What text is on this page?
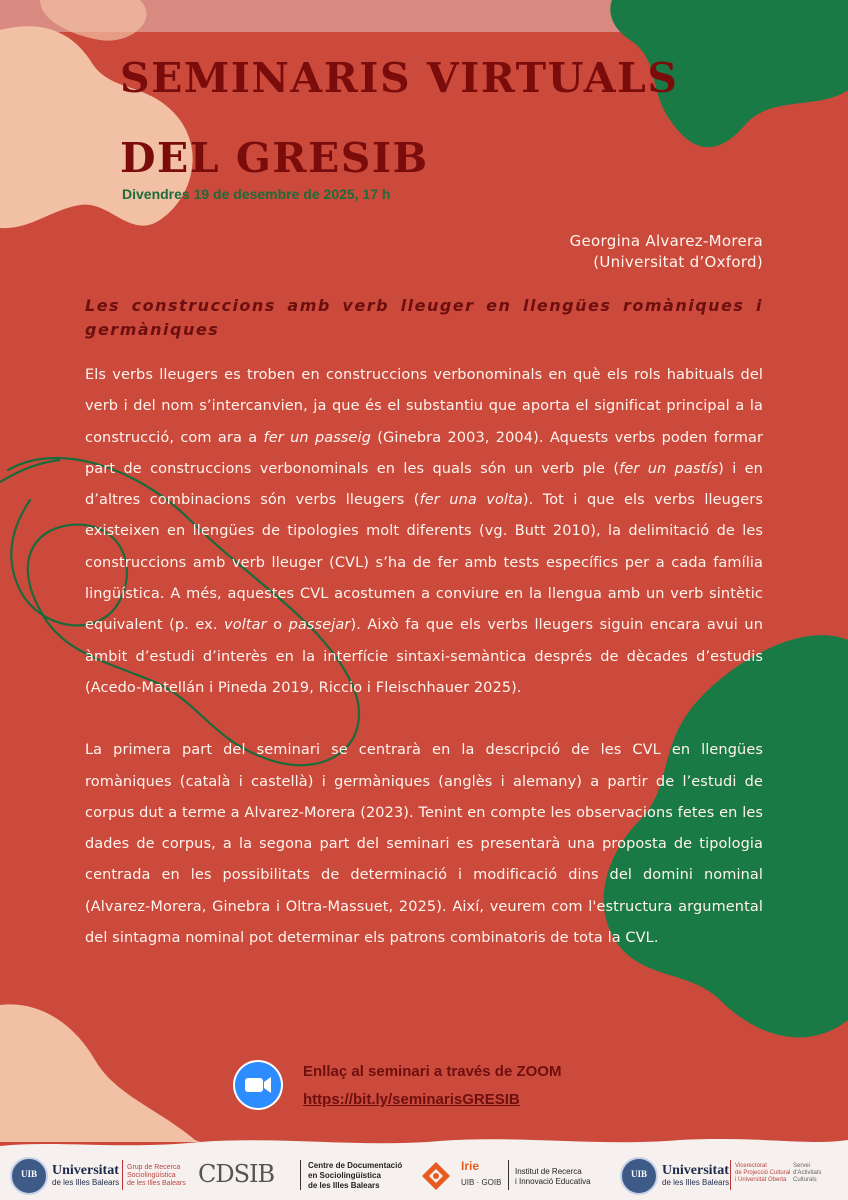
SEMINARIS VIRTUALS
DEL GRESIB
Divendres 19 de desembre de 2025, 17 h
Georgina Alvarez-Morera
(Universitat d’Oxford)
Les construccions amb verb lleuger en llengües romàniques i germàniques

Els verbs lleugers es troben en construccions verbonominals en què els rols habituals del verb i del nom s’intercanvien, ja que és el substantiu que aporta el significat principal a la construcció, com ara a fer un passeig (Ginebra 2003, 2004). Aquests verbs poden formar part de construccions verbonominals en les quals són un verb ple (fer un pastís) i en d’altres combinacions són verbs lleugers (fer una volta). Tot i que els verbs lleugers existeixen en llengües de tipologies molt diferents (vg. Butt 2010), la delimitació de les construccions amb verb lleuger (CVL) s’ha de fer amb tests específics per a cada família lingüística. A més, aquestes CVL acostumen a conviure en la llengua amb un verb sintètic equivalent (p. ex. voltar o passejar). Això fa que els verbs lleugers siguin encara avui un àmbit d’estudi d’interès en la interfície sintaxi-semàntica després de dècades d’estudis (Acedo-Matellán i Pineda 2019, Riccio i Fleischhauer 2025).

La primera part del seminari se centrarà en la descripció de les CVL en llengües romàniques (català i castellà) i germàniques (anglès i alemany) a partir de l’estudi de corpus dut a terme a Alvarez-Morera (2023). Tenint en compte les observacions fetes en les dades de corpus, a la segona part del seminari es presentarà una proposta de tipologia centrada en les possibilitats de determinació i modificació dins del domini nominal (Alvarez-Morera, Ginebra i Oltra-Massuet, 2025). Així, veurem com l'estructura argumental del sintagma nominal pot determinar els patrons combinatoris de tota la CVL.

Enllaç al seminari a través de ZOOM
https://bit.ly/seminarisGRESIB
UIB	Universitat
de les Illes Balears
Grup de Recerca
Sociolingüística
de les Illes Balears CDSIB	Centre de Documentació
en Sociolingüística
de les Illes Balears
Irie
UIB · GOIB
Institut de Recerca
i Innovació Educativa
UIB	Universitat
de les Illes Balears
Vicerectorat
de Projecció Cultural
i Universitat Oberta
Servei
d'Activitats
Culturals
